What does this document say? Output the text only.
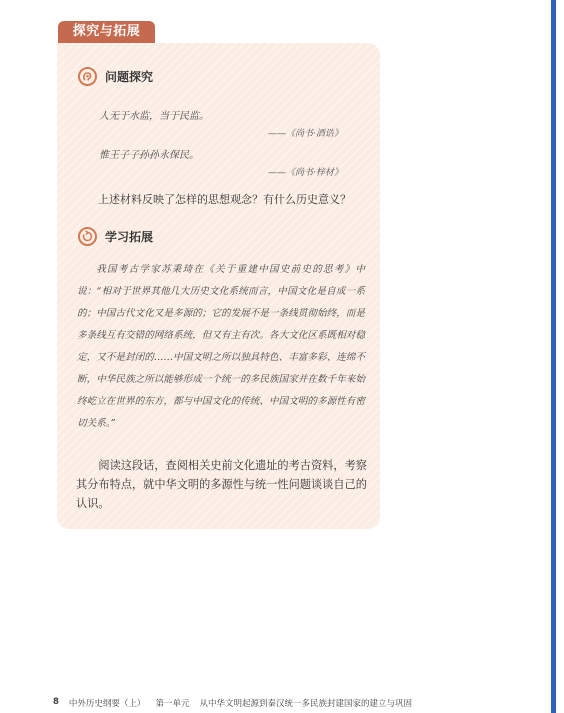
探究与拓展
问题探究
人无于水监，当于民监。
——《尚书·酒诰》
惟王子子孙孙永保民。
——《尚书·梓材》
上述材料反映了怎样的思想观念？有什么历史意义？
学习拓展

我国考古学家苏秉琦在《关于重建中国史前史的思考》中说：“相对于世界其他几大历史文化系统而言，中国文化是自成一系的；中国古代文化又是多源的；它的发展不是一条线贯彻始终，而是多条线互有交错的网络系统，但又有主有次。各大文化区系既相对稳定，又不是封闭的……中国文明之所以独具特色、丰富多彩、连绵不断，中华民族之所以能够形成一个统一的多民族国家并在数千年来始终屹立在世界的东方，都与中国文化的传统、中国文明的多源性有密切关系。”

阅读这段话，查阅相关史前文化遗址的考古资料，考察其分布特点，就中华文明的多源性与统一性问题谈谈自己的认识。

8 中外历史纲要（上） 第一单元 从中华文明起源到秦汉统一多民族封建国家的建立与巩固
